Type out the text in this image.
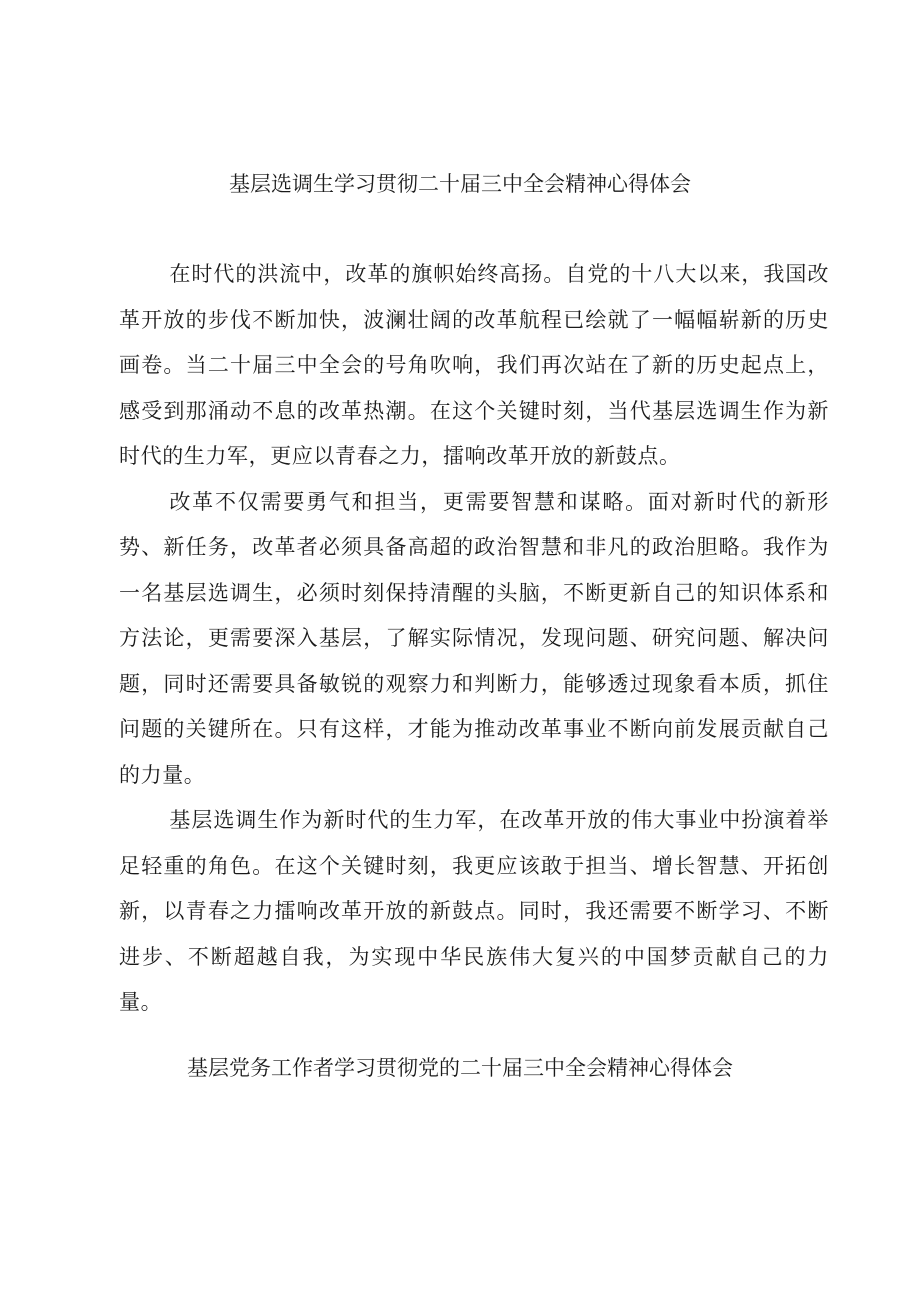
基层选调生学习贯彻二十届三中全会精神心得体会

在时代的洪流中，改革的旗帜始终高扬。自党的十八大以来，我国改革开放的步伐不断加快，波澜壮阔的改革航程已绘就了一幅幅崭新的历史画卷。当二十届三中全会的号角吹响，我们再次站在了新的历史起点上，感受到那涌动不息的改革热潮。在这个关键时刻，当代基层选调生作为新时代的生力军，更应以青春之力，擂响改革开放的新鼓点。

改革不仅需要勇气和担当，更需要智慧和谋略。面对新时代的新形势、新任务，改革者必须具备高超的政治智慧和非凡的政治胆略。我作为一名基层选调生，必须时刻保持清醒的头脑，不断更新自己的知识体系和方法论，更需要深入基层，了解实际情况，发现问题、研究问题、解决问题，同时还需要具备敏锐的观察力和判断力，能够透过现象看本质，抓住问题的关键所在。只有这样，才能为推动改革事业不断向前发展贡献自己的力量。

基层选调生作为新时代的生力军，在改革开放的伟大事业中扮演着举足轻重的角色。在这个关键时刻，我更应该敢于担当、增长智慧、开拓创新，以青春之力擂响改革开放的新鼓点。同时，我还需要不断学习、不断进步、不断超越自我，为实现中华民族伟大复兴的中国梦贡献自己的力量。

基层党务工作者学习贯彻党的二十届三中全会精神心得体会
